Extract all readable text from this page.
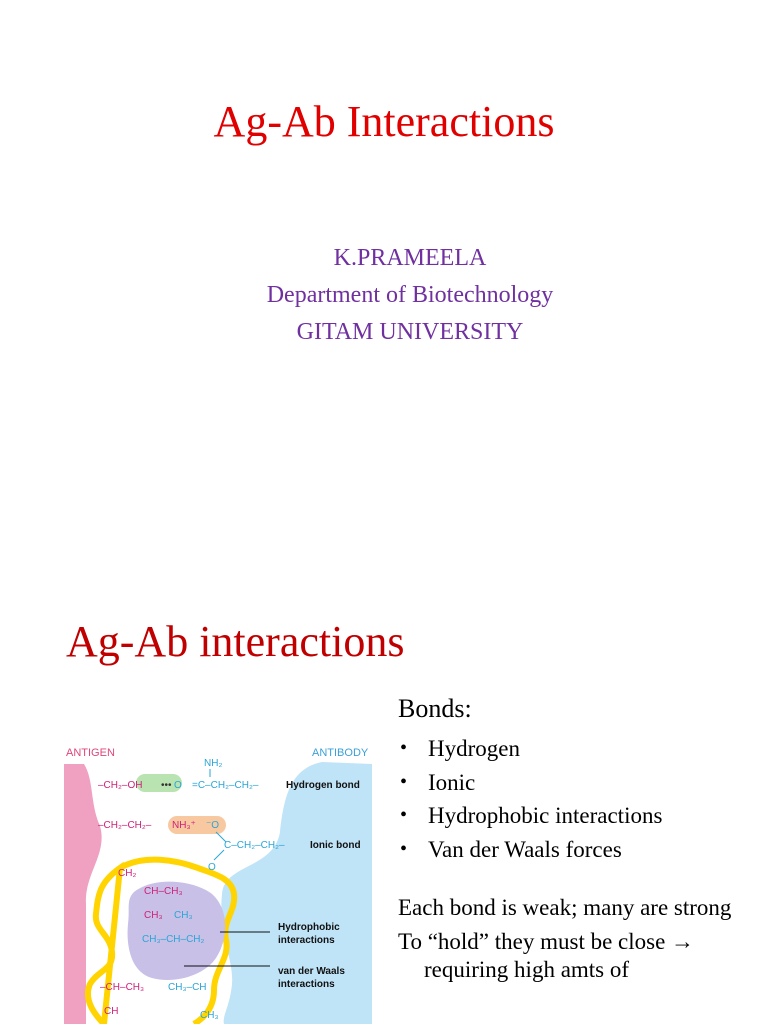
Ag-Ab Interactions
K.PRAMEELA
Department of Biotechnology
GITAM UNIVERSITY
Ag-Ab interactions
ANTIGEN	ANTIBODY
NH₂
–CH₂–OH ••• O =C–CH₂–CH₂–	Hydrogen bond
–CH₂–CH₂– NH₃⁺ ⁻O
C–CH₂–CH₂–
O
Ionic bond
CH₂
CH–CH₃
CH₃ CH₃
CH₃–CH–CH₂
–CH–CH₃ CH₃–CH
CH	CH₃
Hydrophobic
interactions
van der Waals
interactions
Bonds:
• Hydrogen
• Ionic
• Hydrophobic interactions
• Van der Waals forces
Each bond is weak; many are strong
To “hold” they must be close → requiring high amts of
